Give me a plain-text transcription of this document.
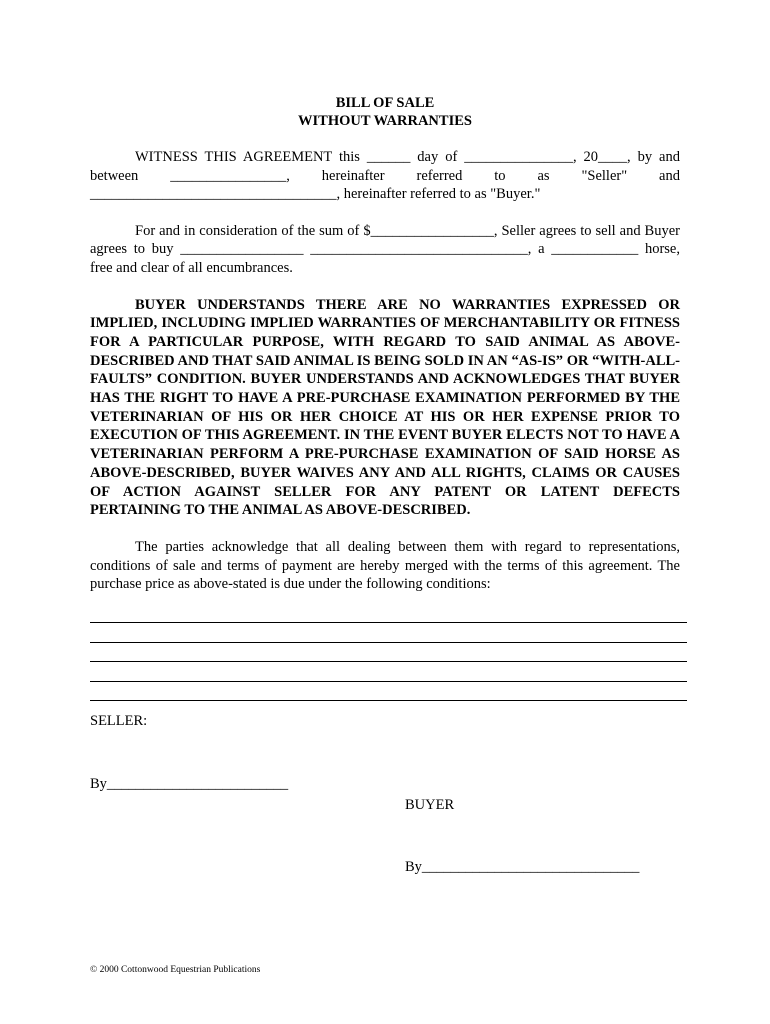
BILL OF SALE
WITHOUT WARRANTIES

WITNESS THIS AGREEMENT this ______ day of _______________, 20____, by and between ________________, hereinafter referred to as "Seller" and __________________________________, hereinafter referred to as "Buyer."

For and in consideration of the sum of $_________________, Seller agrees to sell and Buyer agrees to buy _________________ ______________________________, a ____________ horse, free and clear of all encumbrances.

BUYER UNDERSTANDS THERE ARE NO WARRANTIES EXPRESSED OR IMPLIED, INCLUDING IMPLIED WARRANTIES OF MERCHANTABILITY OR FITNESS FOR A PARTICULAR PURPOSE, WITH REGARD TO SAID ANIMAL AS ABOVE-DESCRIBED AND THAT SAID ANIMAL IS BEING SOLD IN AN “AS-IS” OR “WITH-ALL-FAULTS” CONDITION. BUYER UNDERSTANDS AND ACKNOWLEDGES THAT BUYER HAS THE RIGHT TO HAVE A PRE-PURCHASE EXAMINATION PERFORMED BY THE VETERINARIAN OF HIS OR HER CHOICE AT HIS OR HER EXPENSE PRIOR TO EXECUTION OF THIS AGREEMENT. IN THE EVENT BUYER ELECTS NOT TO HAVE A VETERINARIAN PERFORM A PRE-PURCHASE EXAMINATION OF SAID HORSE AS ABOVE-DESCRIBED, BUYER WAIVES ANY AND ALL RIGHTS, CLAIMS OR CAUSES OF ACTION AGAINST SELLER FOR ANY PATENT OR LATENT DEFECTS PERTAINING TO THE ANIMAL AS ABOVE-DESCRIBED.

The parties acknowledge that all dealing between them with regard to representations, conditions of sale and terms of payment are hereby merged with the terms of this agreement. The purchase price as above-stated is due under the following conditions:

SELLER:
By_________________________
BUYER
By______________________________
© 2000 Cottonwood Equestrian Publications
